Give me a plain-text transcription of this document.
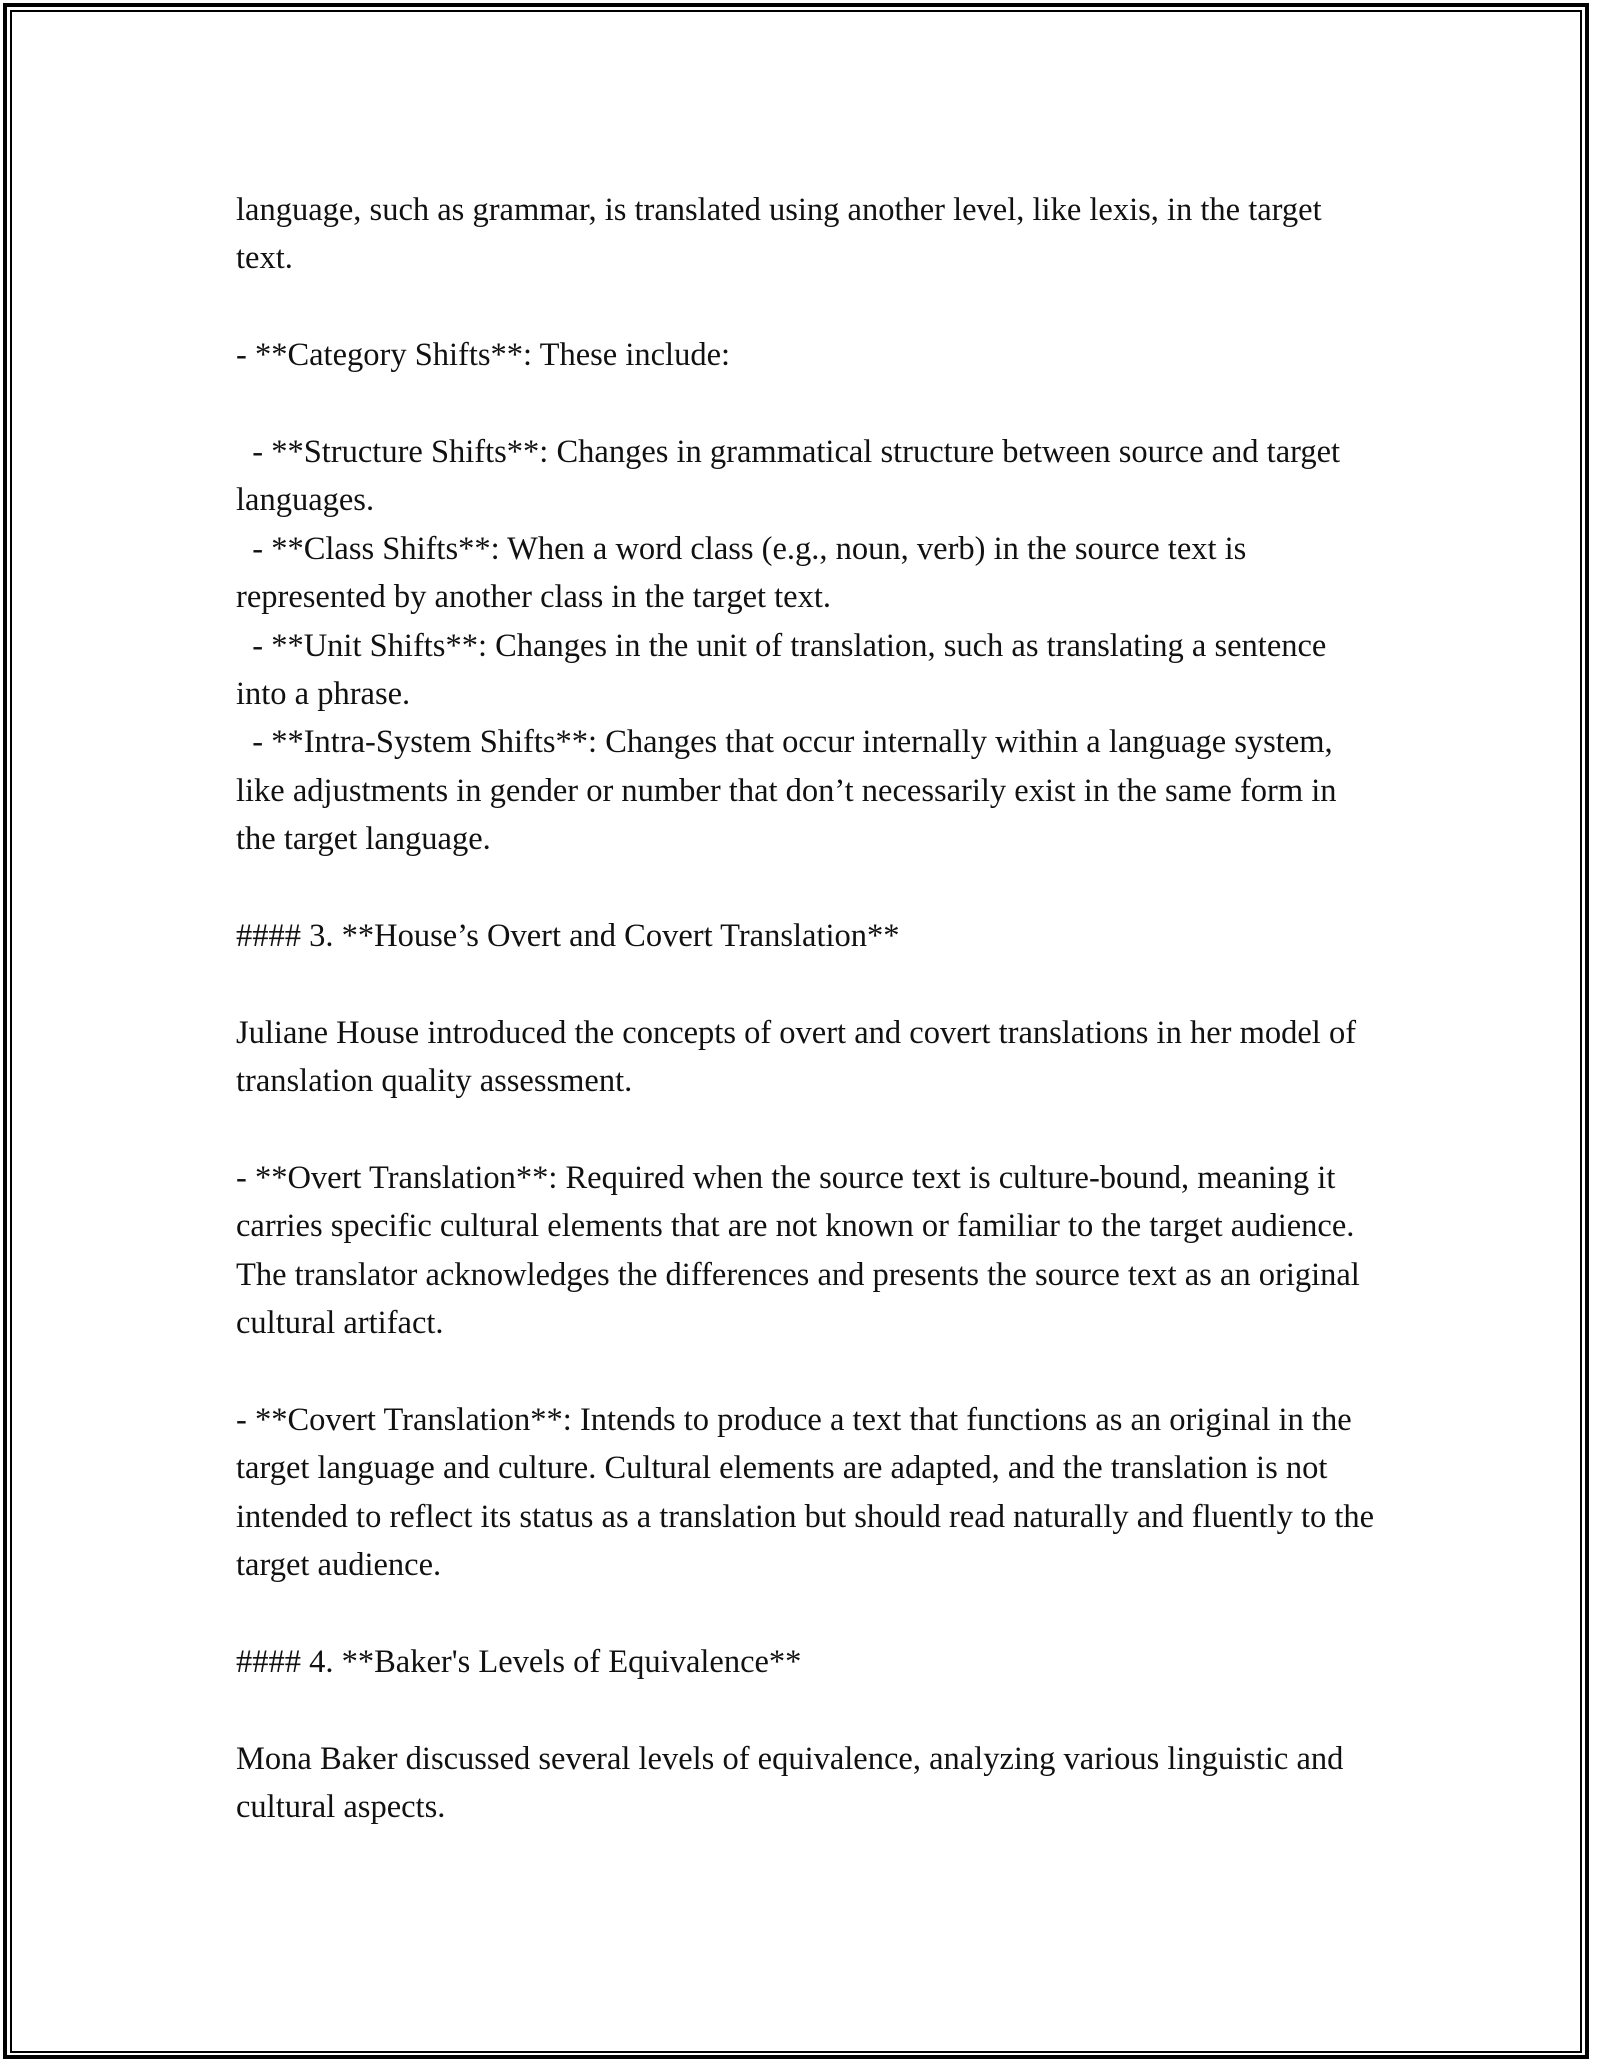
language, such as grammar, is translated using another level, like lexis, in the target text.

- **Category Shifts**: These include:

- **Structure Shifts**: Changes in grammatical structure between source and target languages.

- **Class Shifts**: When a word class (e.g., noun, verb) in the source text is represented by another class in the target text.

- **Unit Shifts**: Changes in the unit of translation, such as translating a sentence into a phrase.

- **Intra-System Shifts**: Changes that occur internally within a language system, like adjustments in gender or number that don’t necessarily exist in the same form in the target language.

#### 3. **House’s Overt and Covert Translation**

Juliane House introduced the concepts of overt and covert translations in her model of translation quality assessment.

- **Overt Translation**: Required when the source text is culture-bound, meaning it carries specific cultural elements that are not known or familiar to the target audience. The translator acknowledges the differences and presents the source text as an original cultural artifact.

- **Covert Translation**: Intends to produce a text that functions as an original in the target language and culture. Cultural elements are adapted, and the translation is not intended to reflect its status as a translation but should read naturally and fluently to the target audience.

#### 4. **Baker's Levels of Equivalence**

Mona Baker discussed several levels of equivalence, analyzing various linguistic and cultural aspects.
